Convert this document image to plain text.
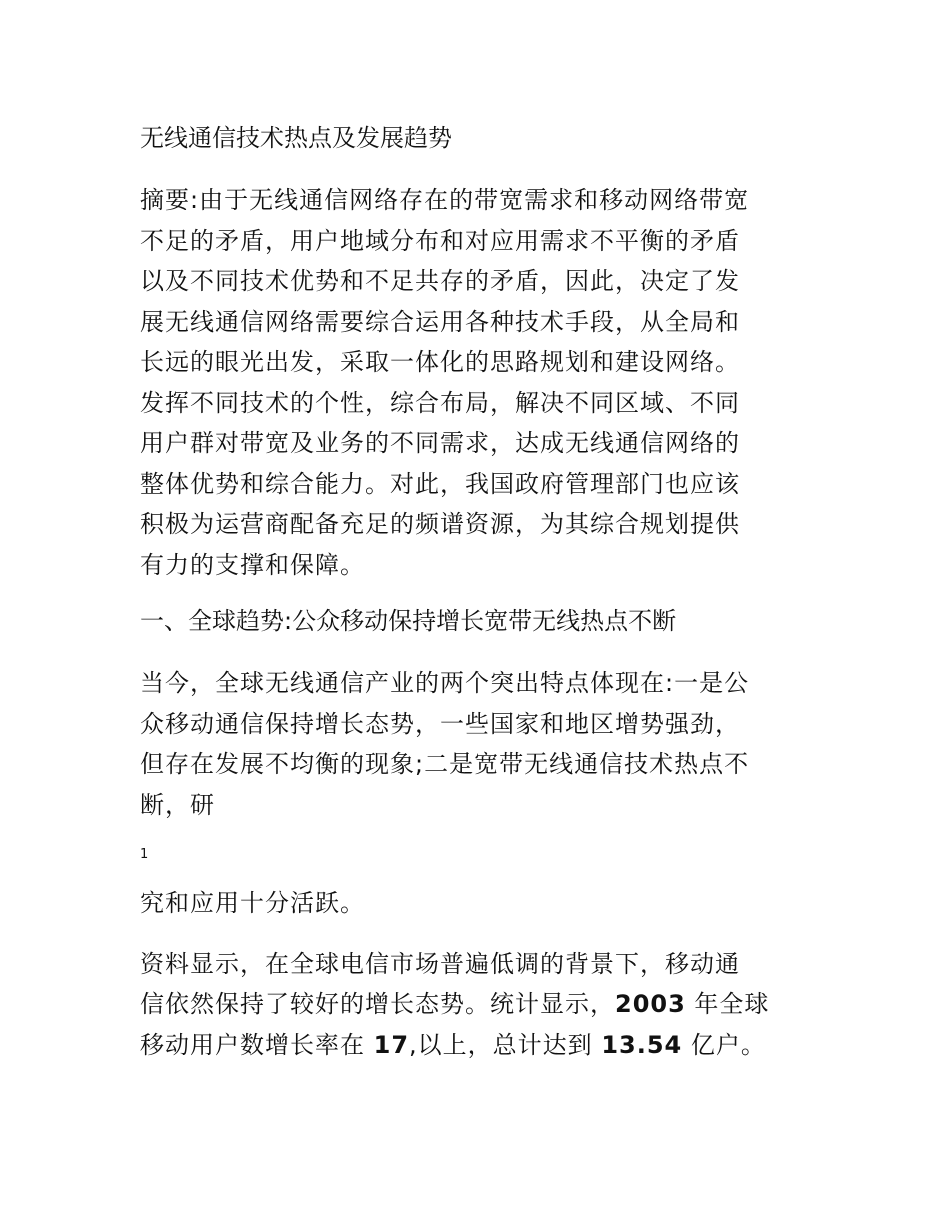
无线通信技术热点及发展趋势
摘要:由于无线通信网络存在的带宽需求和移动网络带宽
不足的矛盾，用户地域分布和对应用需求不平衡的矛盾
以及不同技术优势和不足共存的矛盾，因此，决定了发
展无线通信网络需要综合运用各种技术手段，从全局和
长远的眼光出发，采取一体化的思路规划和建设网络。
发挥不同技术的个性，综合布局，解决不同区域、不同
用户群对带宽及业务的不同需求，达成无线通信网络的
整体优势和综合能力。对此，我国政府管理部门也应该
积极为运营商配备充足的频谱资源，为其综合规划提供
有力的支撑和保障。
一、全球趋势:公众移动保持增长宽带无线热点不断
当今，全球无线通信产业的两个突出特点体现在:一是公
众移动通信保持增长态势，一些国家和地区增势强劲，
但存在发展不均衡的现象;二是宽带无线通信技术热点不
断，研
1
究和应用十分活跃。
资料显示，在全球电信市场普遍低调的背景下，移动通
信依然保持了较好的增长态势。统计显示，2003 年全球
移动用户数增长率在 17,以上，总计达到 13.54 亿户。
